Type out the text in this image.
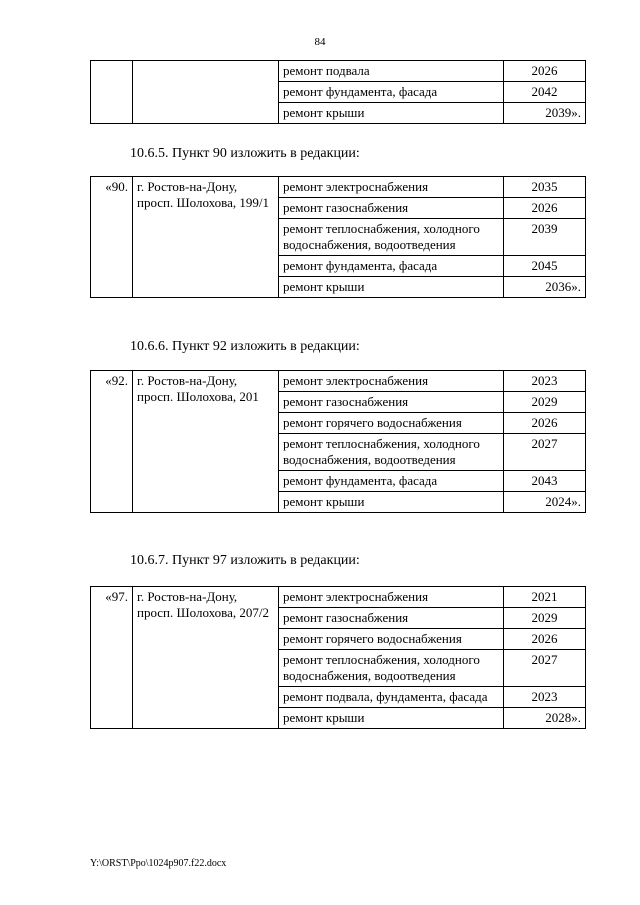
84
		ремонт подвала	2026
		ремонт фундамента, фасада	2042
		ремонт крыши	2039».
10.6.5. Пункт 90 изложить в редакции:
«90.	г. Ростов-на-Дону, просп. Шолохова, 199/1	ремонт электроснабжения	2035
		ремонт газоснабжения	2026
		ремонт теплоснабжения, холодного водоснабжения, водоотведения	2039
		ремонт фундамента, фасада	2045
		ремонт крыши	2036».
10.6.6. Пункт 92 изложить в редакции:
«92.	г. Ростов-на-Дону, просп. Шолохова, 201	ремонт электроснабжения	2023
		ремонт газоснабжения	2029
		ремонт горячего водоснабжения	2026
		ремонт теплоснабжения, холодного водоснабжения, водоотведения	2027
		ремонт фундамента, фасада	2043
		ремонт крыши	2024».
10.6.7. Пункт 97 изложить в редакции:
«97.	г. Ростов-на-Дону, просп. Шолохова, 207/2	ремонт электроснабжения	2021
		ремонт газоснабжения	2029
		ремонт горячего водоснабжения	2026
		ремонт теплоснабжения, холодного водоснабжения, водоотведения	2027
		ремонт подвала, фундамента, фасада	2023
		ремонт крыши	2028».
Y:\ORST\Ppo\1024p907.f22.docx
